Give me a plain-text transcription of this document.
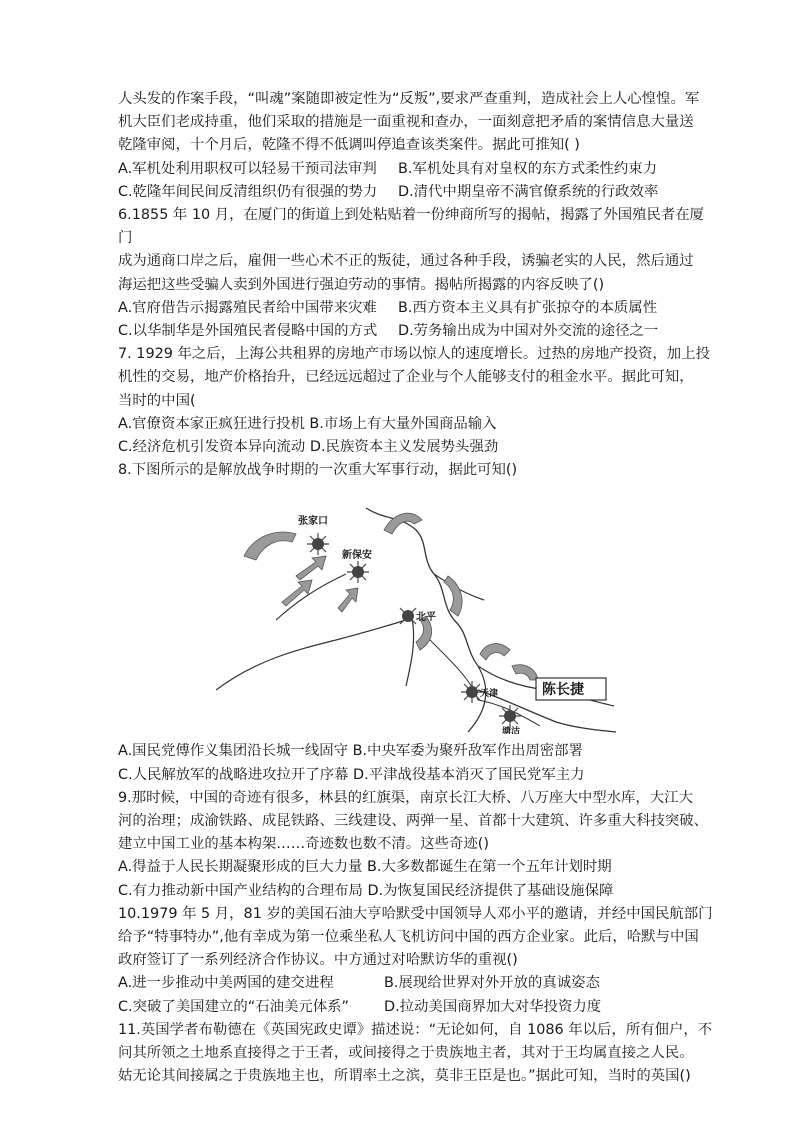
人头发的作案手段，“叫魂”案随即被定性为“反叛”,要求严查重判，造成社会上人心惶惶。军

机大臣们老成持重，他们采取的措施是一面重视和查办，一面刻意把矛盾的案情信息大量送

乾隆审阅，十个月后，乾隆不得不低调叫停追查该类案件。据此可推知( )

A.军机处利用职权可以轻易干预司法审判 B.军机处具有对皇权的东方式柔性约束力

C.乾隆年间民间反清组织仍有很强的势力 D.清代中期皇帝不满官僚系统的行政效率

6.1855 年 10 月，在厦门的街道上到处粘贴着一份绅商所写的揭帖，揭露了外国殖民者在厦门

成为通商口岸之后，雇佣一些心术不正的叛徒，通过各种手段，诱骗老实的人民，然后通过

海运把这些受骗人卖到外国进行强迫劳动的事情。揭帖所揭露的内容反映了()

A.官府借告示揭露殖民者给中国带来灾难 B.西方资本主义具有扩张掠夺的本质属性

C.以华制华是外国殖民者侵略中国的方式 D.劳务输出成为中国对外交流的途径之一

7. 1929 年之后，上海公共租界的房地产市场以惊人的速度增长。过热的房地产投资，加上投

机性的交易，地产价格抬升，已经远远超过了企业与个人能够支付的租金水平。据此可知，

当时的中国(

A.官僚资本家正疯狂进行投机 B.市场上有大量外国商品输入

C.经济危机引发资本异向流动 D.民族资本主义发展势头强劲

8.下图所示的是解放战争时期的一次重大军事行动，据此可知()

张家口
新保安
北平
天津
塘沽
陈长捷

A.国民党傅作义集团沿长城一线固守 B.中央军委为聚歼敌军作出周密部署

C.人民解放军的战略进攻拉开了序幕 D.平津战役基本消灭了国民党军主力

9.那时候，中国的奇迹有很多，林县的红旗渠，南京长江大桥、八万座大中型水库，大江大

河的治理；成渝铁路、成昆铁路、三线建设、两弹一星、首都十大建筑、许多重大科技突破、

建立中国工业的基本构架……奇迹数也数不清。这些奇迹()

A.得益于人民长期凝聚形成的巨大力量 B.大多数都诞生在第一个五年计划时期

C.有力推动新中国产业结构的合理布局 D.为恢复国民经济提供了基础设施保障

10.1979 年 5 月，81 岁的美国石油大亨哈默受中国领导人邓小平的邀请，并经中国民航部门

给予“特事特办”,他有幸成为第一位乘坐私人飞机访问中国的西方企业家。此后，哈默与中国

政府签订了一系列经济合作协议。中方通过对哈默访华的重视()

A.进一步推动中美两国的建交进程	B.展现给世界对外开放的真诚姿态

C.突破了美国建立的“石油美元体系” D.拉动美国商界加大对华投资力度

11.英国学者布勒德在《英国宪政史谭》描述说：“无论如何，自 1086 年以后，所有佃户，不

问其所领之土地系直接得之于王者，或间接得之于贵族地主者，其对于王均属直接之人民。

姑无论其间接属之于贵族地主也，所谓率土之滨，莫非王臣是也。”据此可知，当时的英国()
